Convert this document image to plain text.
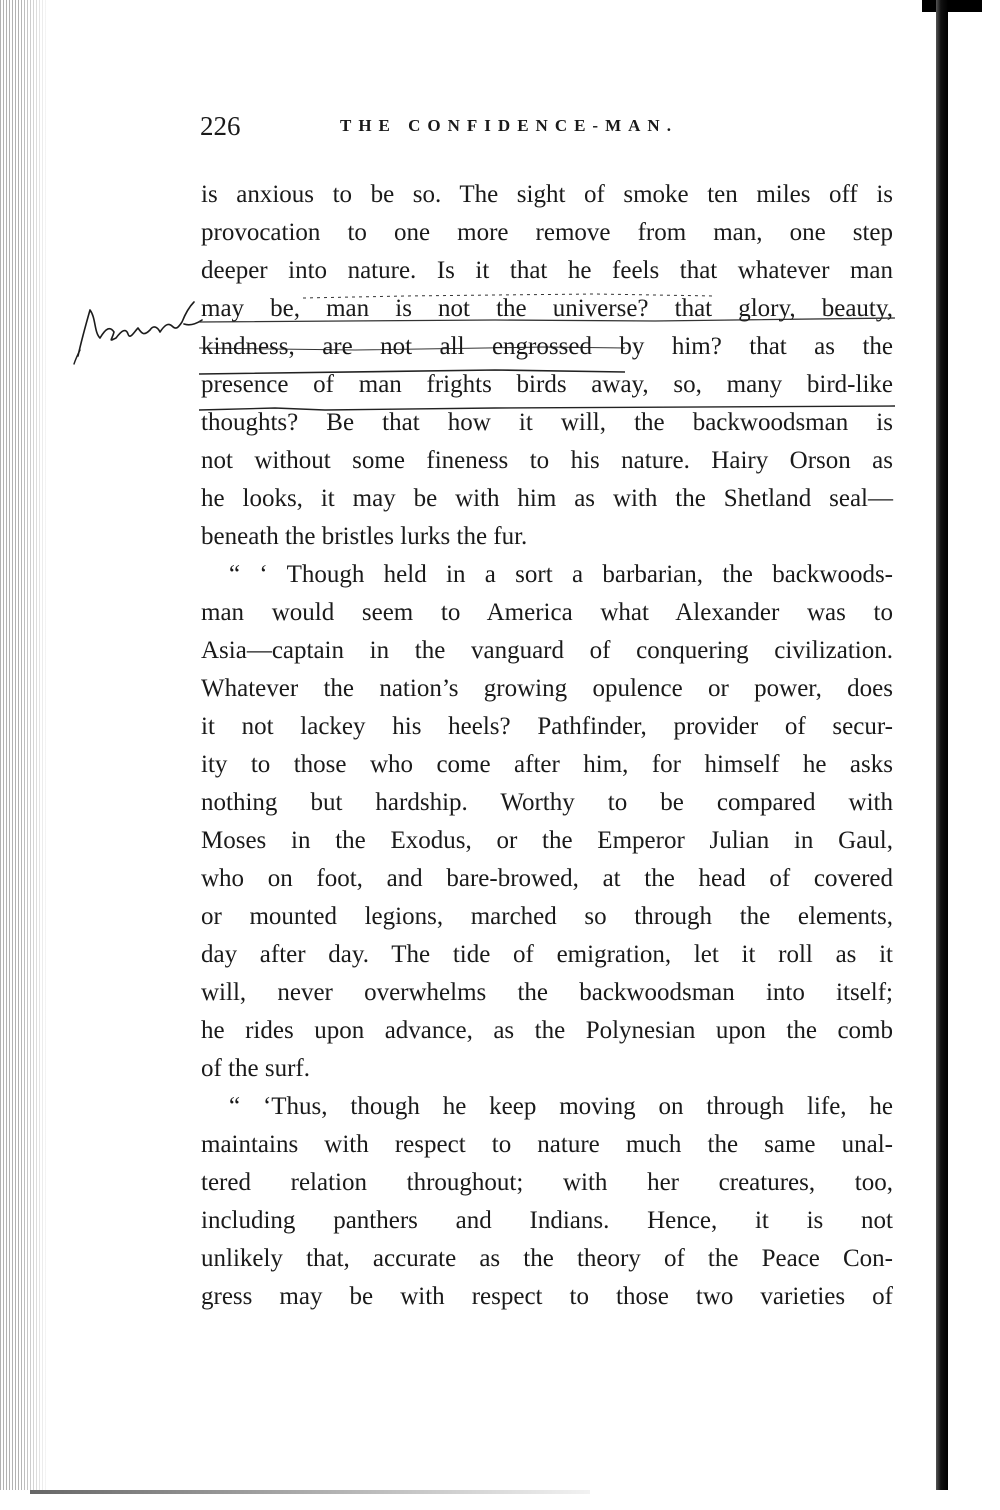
226	THE CONFIDENCE-MAN.
is anxious to be so. The sight of smoke ten miles off is
provocation to one more remove from man, one step
deeper into nature. Is it that he feels that whatever man
may be, man is not the universe? that glory, beauty,
kindness, are not all engrossed by him? that as the
presence of man frights birds away, so, many bird-like
thoughts? Be that how it will, the backwoodsman is
not without some fineness to his nature. Hairy Orson as
he looks, it may be with him as with the Shetland seal—
beneath the bristles lurks the fur.
“ ‘ Though held in a sort a barbarian, the backwoods-
man would seem to America what Alexander was to
Asia—captain in the vanguard of conquering civilization.
Whatever the nation’s growing opulence or power, does
it not lackey his heels? Pathfinder, provider of secur-
ity to those who come after him, for himself he asks
nothing but hardship. Worthy to be compared with
Moses in the Exodus, or the Emperor Julian in Gaul,
who on foot, and bare-browed, at the head of covered
or mounted legions, marched so through the elements,
day after day. The tide of emigration, let it roll as it
will, never overwhelms the backwoodsman into itself;
he rides upon advance, as the Polynesian upon the comb
of the surf.
“ ‘Thus, though he keep moving on through life, he
maintains with respect to nature much the same unal-
tered relation throughout; with her creatures, too,
including panthers and Indians. Hence, it is not
unlikely that, accurate as the theory of the Peace Con-
gress may be with respect to those two varieties of
